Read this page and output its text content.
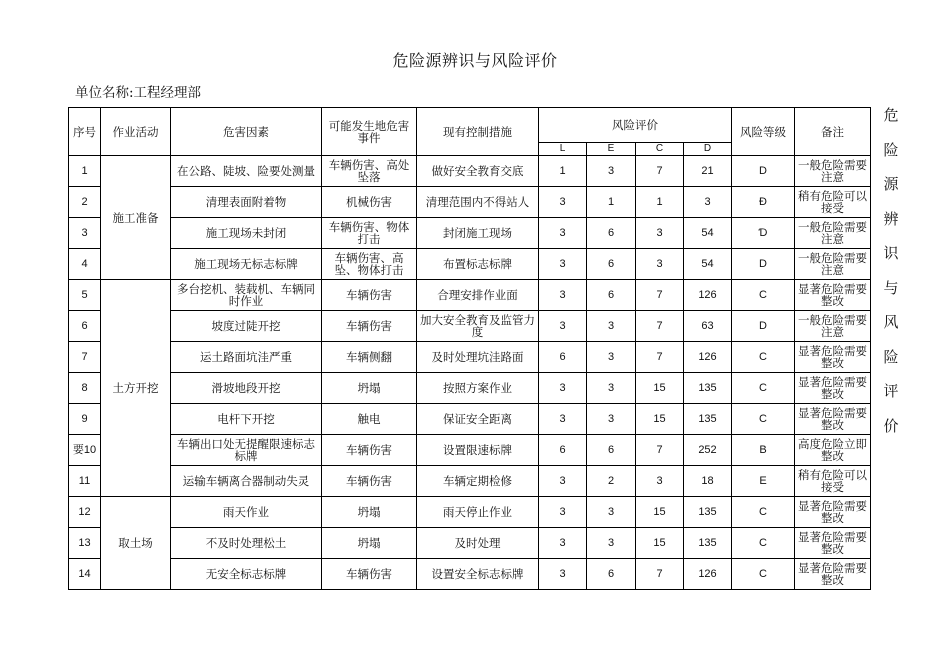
危险源辨识与风险评价
单位名称:工程经理部
危
险
源
辨
识
与
风
险
评
价
序号	作业活动	危害因素	可能发生地危害事件	现有控制措施	风险评价				风险等级	备注
					L	E	C	D		
1	施工准备	在公路、陡坡、险要处测量	车辆伤害、高处坠落	做好安全教育交底	1	3	7	21	D	一般危险需要注意
2		清理表面附着物	机械伤害	清理范围内不得站人	3	1	1	3	Ð	稍有危险可以接受
3		施工现场未封闭	车辆伤害、物体打击	封闭施工现场	3	6	3	54	Ɗ	一般危险需要注意
4		施工现场无标志标牌	车辆伤害、高坠、物体打击	布置标志标牌	3	6	3	54	D	一般危险需要注意
5	土方开挖	多台挖机、装载机、车辆同时作业	车辆伤害	合理安排作业面	3	6	7	126	C	显著危险需要整改
6		坡度过陡开挖	车辆伤害	加大安全教育及监管力度	3	3	7	63	D	一般危险需要注意
7		运土路面坑洼严重	车辆侧翻	及时处理坑洼路面	6	3	7	126	C	显著危险需要整改
8		滑坡地段开挖	坍塌	按照方案作业	3	3	15	135	C	显著危险需要整改
9		电杆下开挖	触电	保证安全距离	3	3	15	135	C	显著危险需要整改
要10		车辆出口处无提醒限速标志标牌	车辆伤害	设置限速标牌	6	6	7	252	B	高度危险立即整改
11		运输车辆离合器制动失灵	车辆伤害	车辆定期检修	3	2	3	18	E	稍有危险可以接受
12	取土场	雨天作业	坍塌	雨天停止作业	3	3	15	135	C	显著危险需要整改
13		不及时处理松土	坍塌	及时处理	3	3	15	135	C	显著危险需要整改
14		无安全标志标牌	车辆伤害	设置安全标志标牌	3	6	7	126	C	显著危险需要整改
